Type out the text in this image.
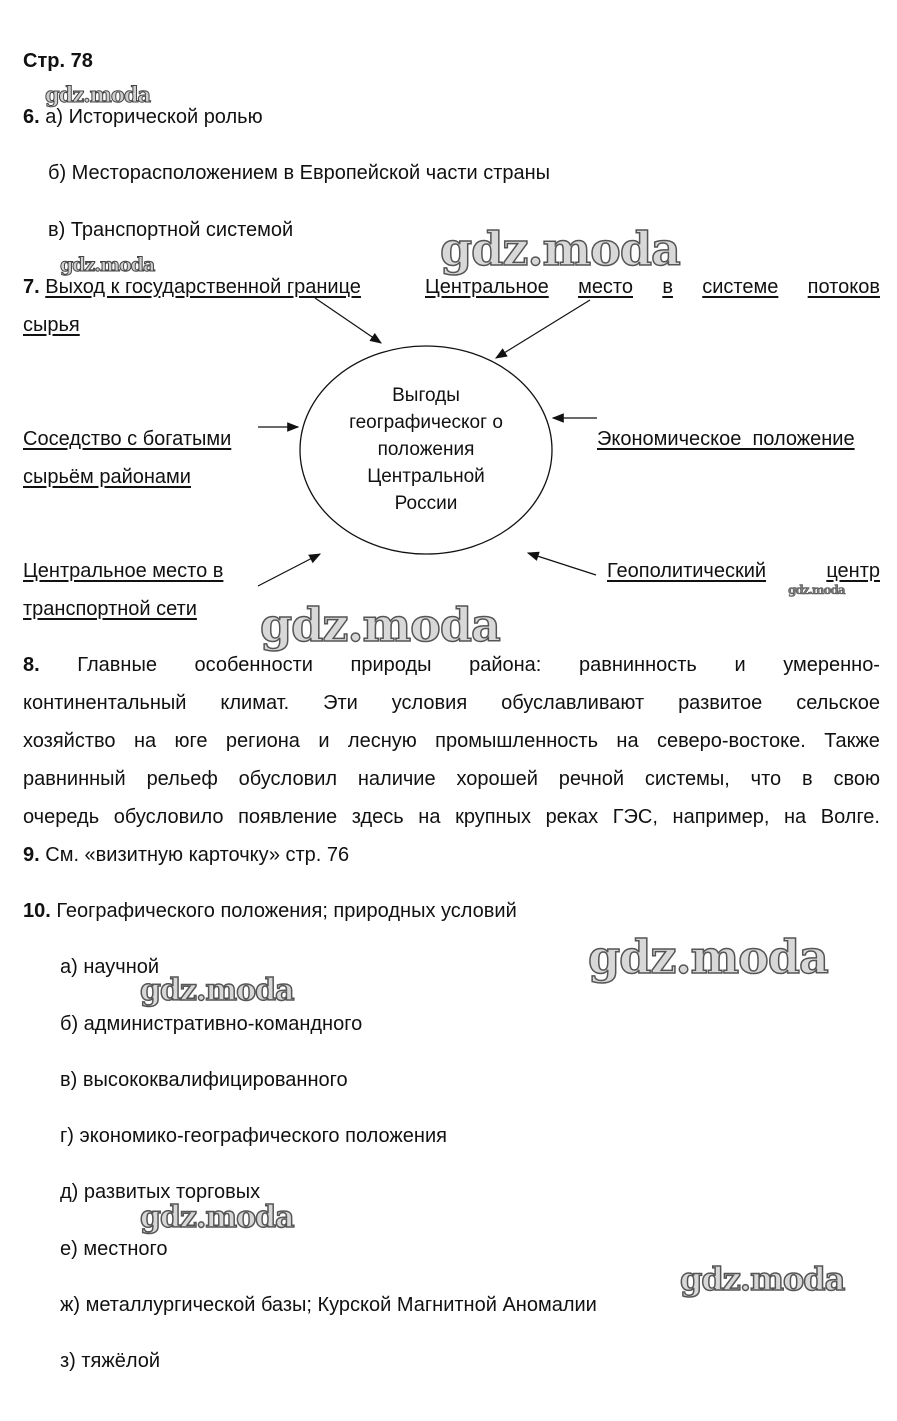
Стр. 78
gdz.moda
gdz.moda
gdz.moda
gdz.moda
gdz.moda
gdz.moda
gdz.moda
gdz.moda
gdz.moda
6. а) Исторической ролью
б) Месторасположением в Европейской части страны
в) Транспортной системой
Выгоды географическог о положения Центральной России
7. Выход к государственной границе	Центральное место в системе потоков
сырья
Соседство с богатыми
сырьём районами
Экономическое  положение
Центральное место в
транспортной сети
Геополитический	центр
8. Главные особенности природы района: равнинность и умеренно-
континентальный климат. Эти условия обуславливают развитое сельское
хозяйство на юге региона и лесную промышленность на северо-востоке. Также
равнинный рельеф обусловил наличие хорошей речной системы, что в свою
очередь обусловило появление здесь на крупных реках ГЭС, например, на Волге.
9. См. «визитную карточку» стр. 76
10. Географического положения; природных условий
а) научной
б) административно-командного
в) высококвалифицированного
г) экономико-географического положения
д) развитых торговых
е) местного
ж) металлургической базы; Курской Магнитной Аномалии
з) тяжёлой
